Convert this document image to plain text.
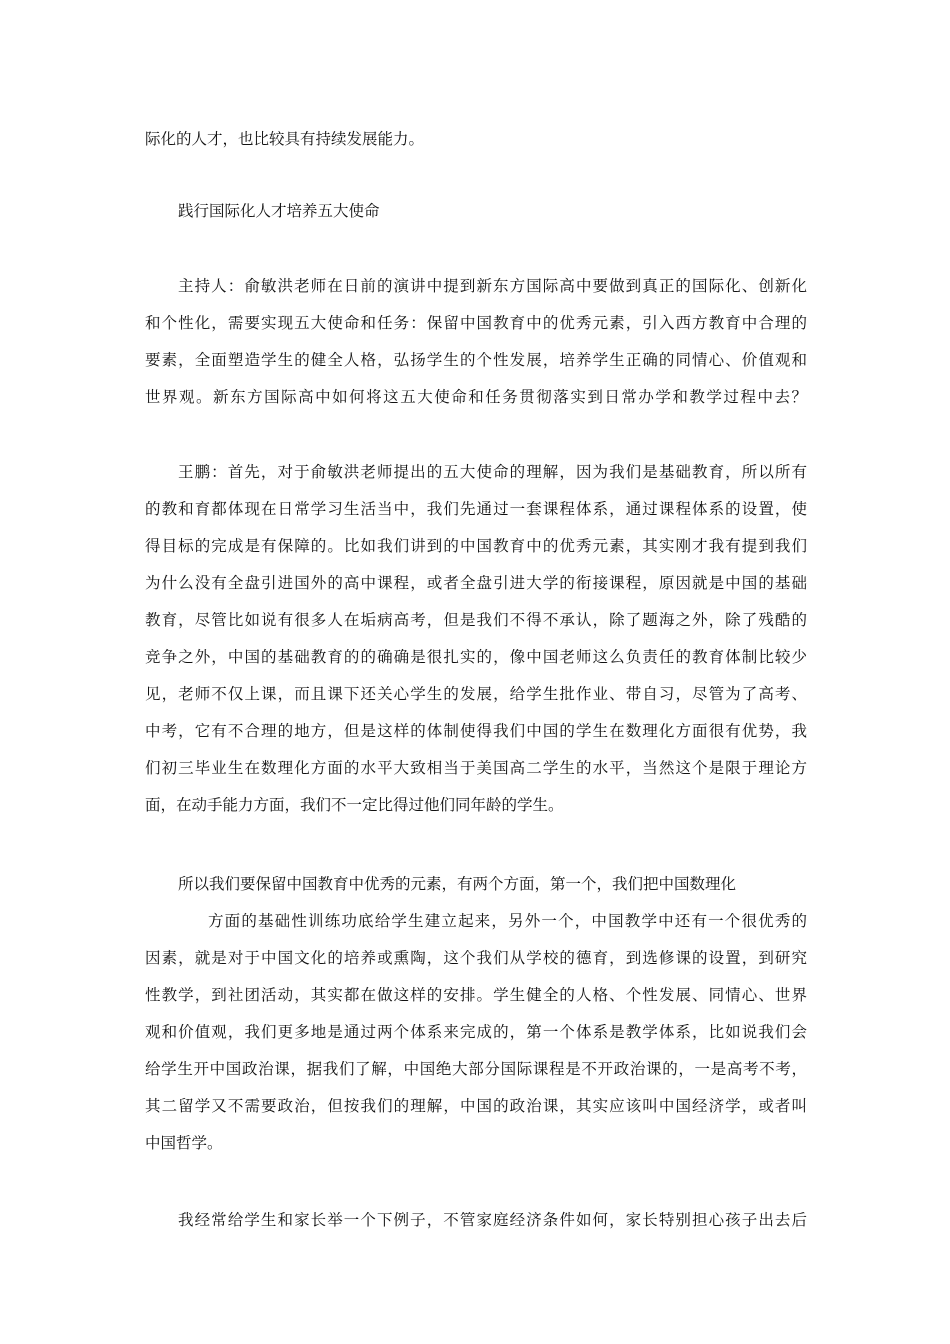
际化的人才，也比较具有持续发展能力。
践行国际化人才培养五大使命
主持人：俞敏洪老师在日前的演讲中提到新东方国际高中要做到真正的国际化、创新化
和个性化，需要实现五大使命和任务：保留中国教育中的优秀元素，引入西方教育中合理的
要素，全面塑造学生的健全人格，弘扬学生的个性发展，培养学生正确的同情心、价值观和
世界观。新东方国际高中如何将这五大使命和任务贯彻落实到日常办学和教学过程中去？
王鹏：首先，对于俞敏洪老师提出的五大使命的理解，因为我们是基础教育，所以所有
的教和育都体现在日常学习生活当中，我们先通过一套课程体系，通过课程体系的设置，使
得目标的完成是有保障的。比如我们讲到的中国教育中的优秀元素，其实刚才我有提到我们
为什么没有全盘引进国外的高中课程，或者全盘引进大学的衔接课程，原因就是中国的基础
教育，尽管比如说有很多人在垢病高考，但是我们不得不承认，除了题海之外，除了残酷的
竞争之外，中国的基础教育的的确确是很扎实的，像中国老师这么负责任的教育体制比较少
见，老师不仅上课，而且课下还关心学生的发展，给学生批作业、带自习，尽管为了高考、
中考，它有不合理的地方，但是这样的体制使得我们中国的学生在数理化方面很有优势，我
们初三毕业生在数理化方面的水平大致相当于美国高二学生的水平，当然这个是限于理论方
面，在动手能力方面，我们不一定比得过他们同年龄的学生。
所以我们要保留中国教育中优秀的元素，有两个方面，第一个，我们把中国数理化
方面的基础性训练功底给学生建立起来，另外一个，中国教学中还有一个很优秀的
因素，就是对于中国文化的培养或熏陶，这个我们从学校的德育，到选修课的设置，到研究
性教学，到社团活动，其实都在做这样的安排。学生健全的人格、个性发展、同情心、世界
观和价值观，我们更多地是通过两个体系来完成的，第一个体系是教学体系，比如说我们会
给学生开中国政治课，据我们了解，中国绝大部分国际课程是不开政治课的，一是高考不考，
其二留学又不需要政治，但按我们的理解，中国的政治课，其实应该叫中国经济学，或者叫
中国哲学。
我经常给学生和家长举一个下例子，不管家庭经济条件如何，家长特别担心孩子出去后
